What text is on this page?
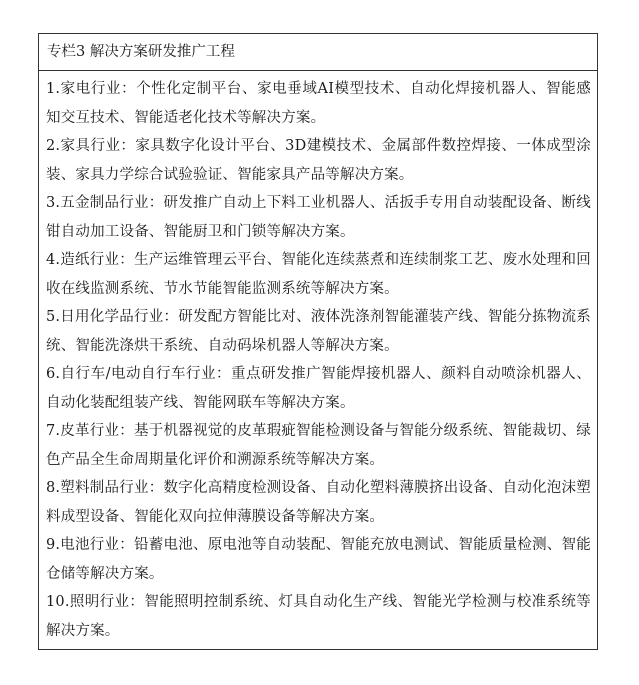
专栏3 解决方案研发推广工程

1.家电行业：个性化定制平台、家电垂域AI模型技术、自动化焊接机器人、智能感知交互技术、智能适老化技术等解决方案。

2.家具行业：家具数字化设计平台、3D建模技术、金属部件数控焊接、一体成型涂装、家具力学综合试验验证、智能家具产品等解决方案。

3.五金制品行业：研发推广自动上下料工业机器人、活扳手专用自动装配设备、断线钳自动加工设备、智能厨卫和门锁等解决方案。

4.造纸行业：生产运维管理云平台、智能化连续蒸煮和连续制浆工艺、废水处理和回收在线监测系统、节水节能智能监测系统等解决方案。

5.日用化学品行业：研发配方智能比对、液体洗涤剂智能灌装产线、智能分拣物流系统、智能洗涤烘干系统、自动码垛机器人等解决方案。

6.自行车/电动自行车行业：重点研发推广智能焊接机器人、颜料自动喷涂机器人、自动化装配组装产线、智能网联车等解决方案。

7.皮革行业：基于机器视觉的皮革瑕疵智能检测设备与智能分级系统、智能裁切、绿色产品全生命周期量化评价和溯源系统等解决方案。

8.塑料制品行业：数字化高精度检测设备、自动化塑料薄膜挤出设备、自动化泡沫塑料成型设备、智能化双向拉伸薄膜设备等解决方案。

9.电池行业：铅蓄电池、原电池等自动装配、智能充放电测试、智能质量检测、智能仓储等解决方案。

10.照明行业：智能照明控制系统、灯具自动化生产线、智能光学检测与校准系统等解决方案。
